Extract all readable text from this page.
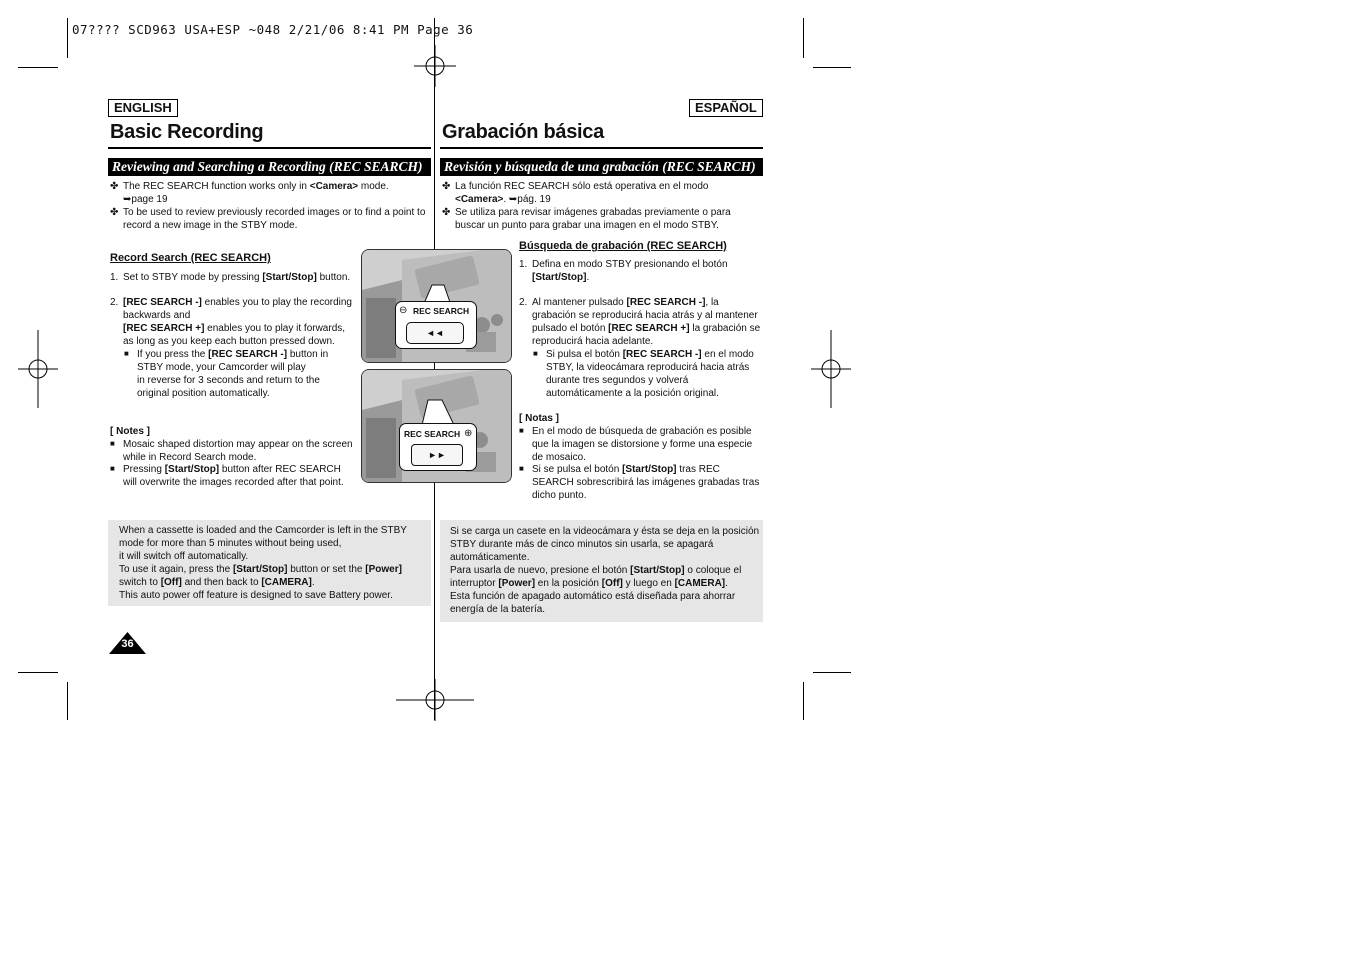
07???? SCD963 USA+ESP ~048 2/21/06 8:41 PM Page 36
ENGLISH
Basic Recording
Reviewing and Searching a Recording (REC SEARCH)
✤ The REC SEARCH function works only in <Camera> mode.
➥page 19
✤ To be used to review previously recorded images or to find a point to
record a new image in the STBY mode.
Record Search (REC SEARCH)
1. Set to STBY mode by pressing [Start/Stop] button.
2. [REC SEARCH -] enables you to play the recording
backwards and
[REC SEARCH +] enables you to play it forwards,
as long as you keep each button pressed down.
■ If you press the [REC SEARCH -] button in
STBY mode, your Camcorder will play
in reverse for 3 seconds and return to the
original position automatically.
[ Notes ]
■ Mosaic shaped distortion may appear on the screen
while in Record Search mode.
■ Pressing [Start/Stop] button after REC SEARCH
will overwrite the images recorded after that point.
When a cassette is loaded and the Camcorder is left in the STBY
mode for more than 5 minutes without being used,
it will switch off automatically.
To use it again, press the [Start/Stop] button or set the [Power]
switch to [Off] and then back to [CAMERA].
This auto power off feature is designed to save Battery power.
36
⊖ REC SEARCH
◄◄
REC SEARCH ⊕
►►
ESPAÑOL
Grabación básica
Revisión y búsqueda de una grabación (REC SEARCH)
✤ La función REC SEARCH sólo está operativa en el modo
<Camera>. ➥pág. 19
✤ Se utiliza para revisar imágenes grabadas previamente o para
buscar un punto para grabar una imagen en el modo STBY.
Búsqueda de grabación (REC SEARCH)
1. Defina en modo STBY presionando el botón
[Start/Stop].
2. Al mantener pulsado [REC SEARCH -], la
grabación se reproducirá hacia atrás y al mantener
pulsado el botón [REC SEARCH +] la grabación se
reproducirá hacia adelante.
■ Si pulsa el botón [REC SEARCH -] en el modo
STBY, la videocámara reproducirá hacia atrás
durante tres segundos y volverá
automáticamente a la posición original.
[ Notas ]
■ En el modo de búsqueda de grabación es posible
que la imagen se distorsione y forme una especie
de mosaico.
■ Si se pulsa el botón [Start/Stop] tras REC
SEARCH sobrescribirá las imágenes grabadas tras
dicho punto.
Si se carga un casete en la videocámara y ésta se deja en la posición
STBY durante más de cinco minutos sin usarla, se apagará
automáticamente.
Para usarla de nuevo, presione el botón [Start/Stop] o coloque el
interruptor [Power] en la posición [Off] y luego en [CAMERA].
Esta función de apagado automático está diseñada para ahorrar
energía de la batería.
